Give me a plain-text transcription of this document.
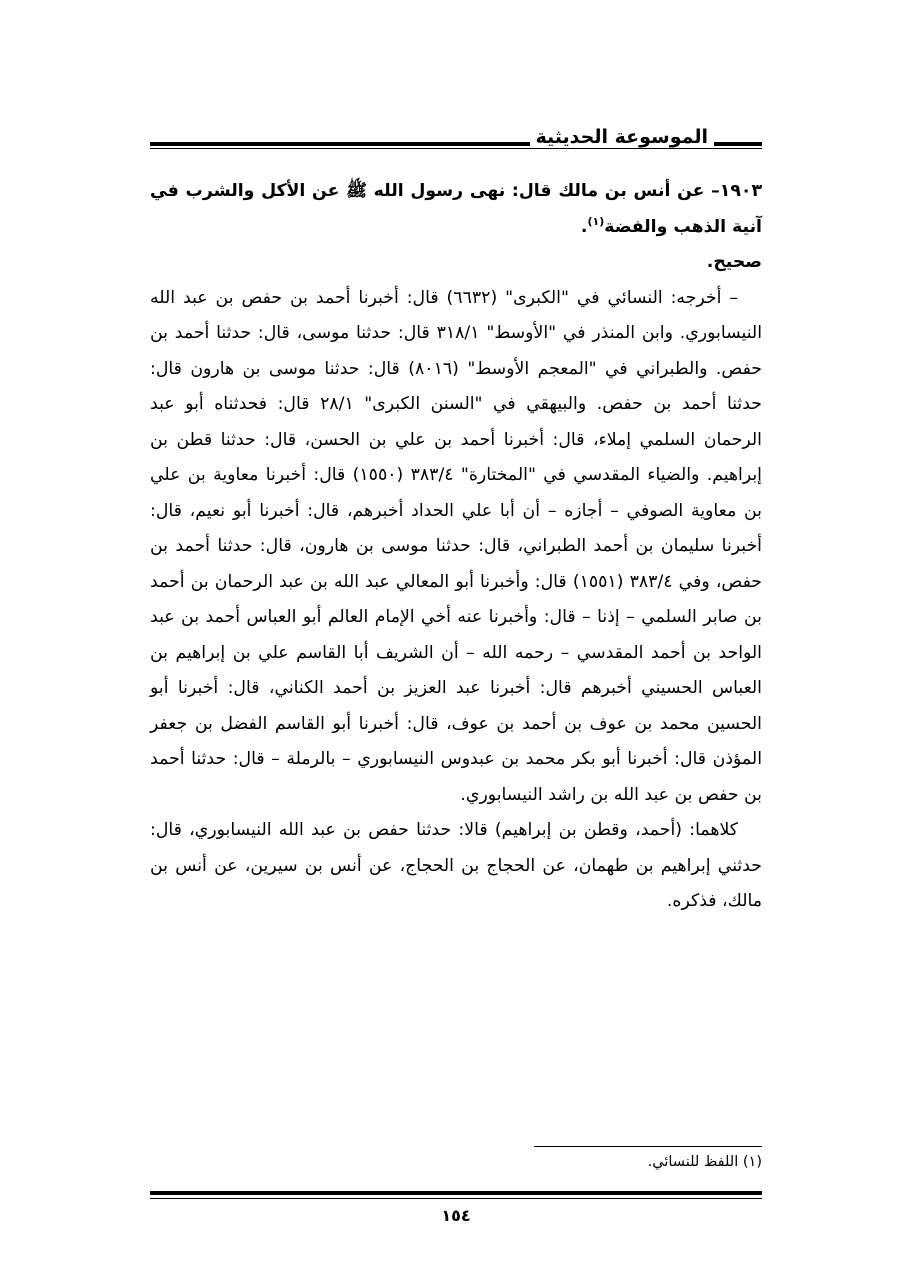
الموسوعة الحديثية

١٩٠٣– عن أنس بن مالك قال: نهى رسول الله ﷺ عن الأكل والشرب في آنية الذهب والفضة$^{(١)}$.

صحيح.

– أخرجه: النسائي في "الكبرى" (٦٦٣٢) قال: أخبرنا أحمد بن حفص بن عبد الله النيسابوري. وابن المنذر في "الأوسط" ٣١٨/١ قال: حدثنا موسى، قال: حدثنا أحمد بن حفص. والطبراني في "المعجم الأوسط" (٨٠١٦) قال: حدثنا موسى بن هارون قال: حدثنا أحمد بن حفص. والبيهقي في "السنن الكبرى" ٢٨/١ قال: فحدثناه أبو عبد الرحمان السلمي إملاء، قال: أخبرنا أحمد بن علي بن الحسن، قال: حدثنا قطن بن إبراهيم. والضياء المقدسي في "المختارة" ٣٨٣/٤ (١٥٥٠) قال: أخبرنا معاوية بن علي بن معاوية الصوفي – أجازه – أن أبا علي الحداد أخبرهم، قال: أخبرنا أبو نعيم، قال: أخبرنا سليمان بن أحمد الطبراني، قال: حدثنا موسى بن هارون، قال: حدثنا أحمد بن حفص، وفي ٣٨٣/٤ (١٥٥١) قال: وأخبرنا أبو المعالي عبد الله بن عبد الرحمان بن أحمد بن صابر السلمي – إذنا – قال: وأخبرنا عنه أخي الإمام العالم أبو العباس أحمد بن عبد الواحد بن أحمد المقدسي – رحمه الله – أن الشريف أبا القاسم علي بن إبراهيم بن العباس الحسيني أخبرهم قال: أخبرنا عبد العزيز بن أحمد الكناني، قال: أخبرنا أبو الحسين محمد بن عوف بن أحمد بن عوف، قال: أخبرنا أبو القاسم الفضل بن جعفر المؤذن قال: أخبرنا أبو بكر محمد بن عبدوس النيسابوري – بالرملة – قال: حدثنا أحمد بن حفص بن عبد الله بن راشد النيسابوري.

كلاهما: (أحمد، وقطن بن إبراهيم) قالا: حدثنا حفص بن عبد الله النيسابوري، قال: حدثني إبراهيم بن طهمان، عن الحجاج بن الحجاج، عن أنس بن سيرين، عن أنس بن مالك، فذكره.

(١) اللفظ للنسائي.
١٥٤
